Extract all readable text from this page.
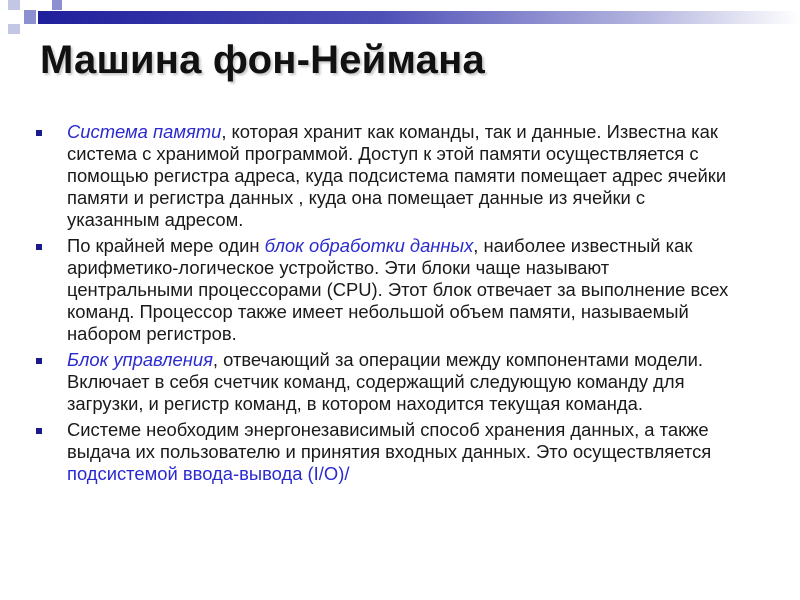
Машина фон-Неймана
Система памяти, которая хранит как команды, так и данные. Известна как система с хранимой программой. Доступ к этой памяти осуществляется с помощью регистра адреса, куда подсистема памяти помещает адрес ячейки памяти и регистра данных , куда она помещает данные из ячейки с указанным адресом.
По крайней мере один блок обработки данных, наиболее известный как арифметико-логическое устройство. Эти блоки чаще называют центральными процессорами (CPU). Этот блок отвечает за выполнение всех команд. Процессор также имеет небольшой объем памяти, называемый набором регистров.
Блок управления, отвечающий за операции между компонентами модели. Включает в себя счетчик команд, содержащий следующую команду для загрузки, и регистр команд, в котором находится текущая команда.
Системе необходим энергонезависимый способ хранения данных, а также выдача их пользователю и принятия входных данных. Это осуществляется подсистемой ввода-вывода (I/O)/
